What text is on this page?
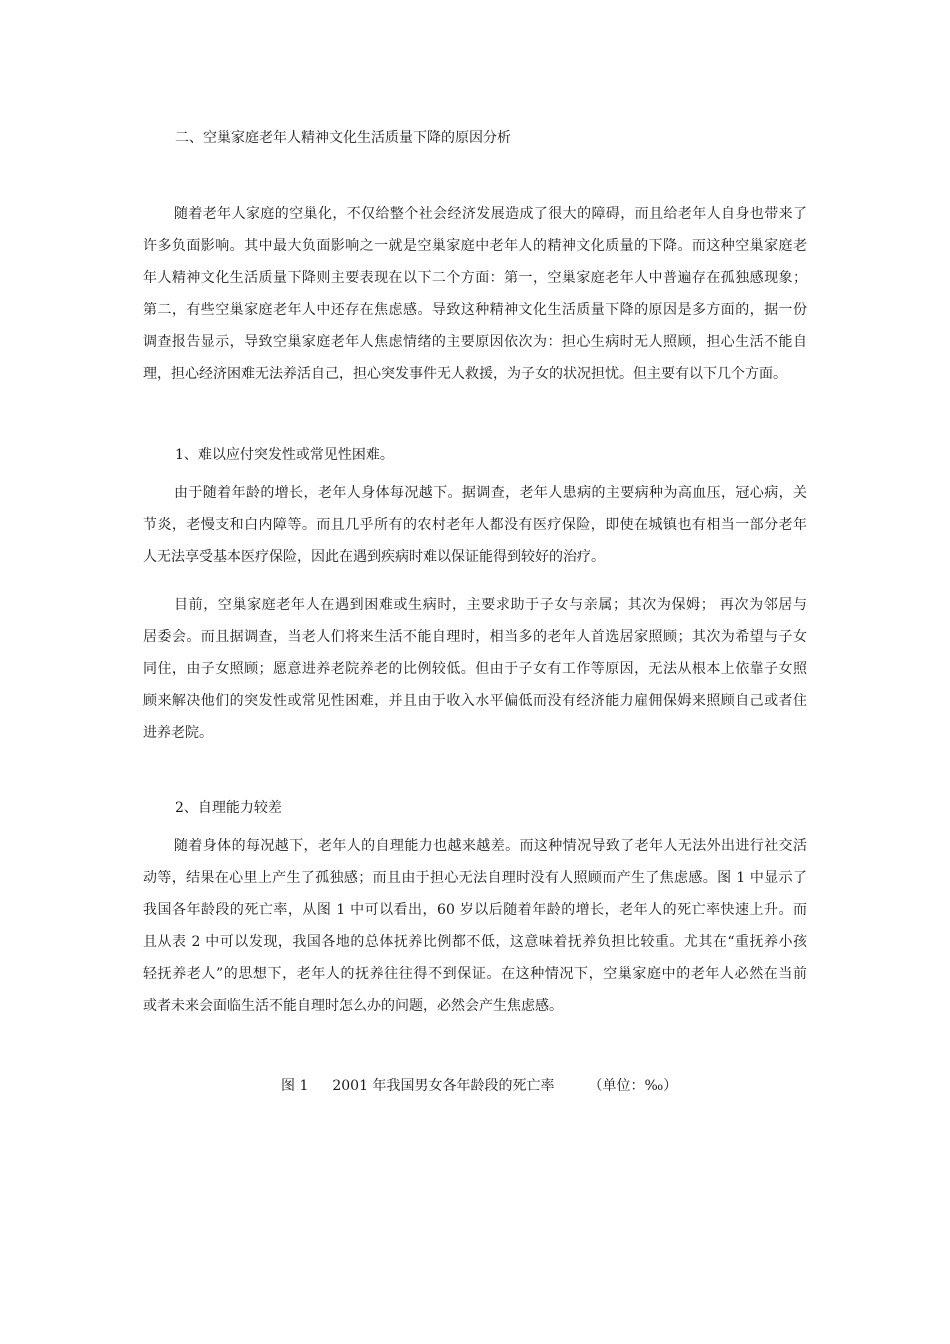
二、空巢家庭老年人精神文化生活质量下降的原因分析
随着老年人家庭的空巢化，不仅给整个社会经济发展造成了很大的障碍，而且给老年人自身也带来了
许多负面影响。其中最大负面影响之一就是空巢家庭中老年人的精神文化质量的下降。而这种空巢家庭老
年人精神文化生活质量下降则主要表现在以下二个方面：第一，空巢家庭老年人中普遍存在孤独感现象；
第二，有些空巢家庭老年人中还存在焦虑感。导致这种精神文化生活质量下降的原因是多方面的，据一份
调查报告显示，导致空巢家庭老年人焦虑情绪的主要原因依次为：担心生病时无人照顾，担心生活不能自
理，担心经济困难无法养活自己，担心突发事件无人救援，为子女的状况担忧。但主要有以下几个方面。
1、难以应付突发性或常见性困难。
由于随着年龄的增长，老年人身体每况越下。据调查，老年人患病的主要病种为高血压，冠心病，关
节炎，老慢支和白内障等。而且几乎所有的农村老年人都没有医疗保险，即使在城镇也有相当一部分老年
人无法享受基本医疗保险，因此在遇到疾病时难以保证能得到较好的治疗。
目前，空巢家庭老年人在遇到困难或生病时，主要求助于子女与亲属；其次为保姆； 再次为邻居与
居委会。而且据调查，当老人们将来生活不能自理时，相当多的老年人首选居家照顾；其次为希望与子女
同住，由子女照顾；愿意进养老院养老的比例较低。但由于子女有工作等原因，无法从根本上依靠子女照
顾来解决他们的突发性或常见性困难，并且由于收入水平偏低而没有经济能力雇佣保姆来照顾自己或者住
进养老院。
2、自理能力较差
随着身体的每况越下，老年人的自理能力也越来越差。而这种情况导致了老年人无法外出进行社交活
动等，结果在心里上产生了孤独感；而且由于担心无法自理时没有人照顾而产生了焦虑感。图 1 中显示了
我国各年龄段的死亡率，从图 1 中可以看出，60 岁以后随着年龄的增长，老年人的死亡率快速上升。而
且从表 2 中可以发现，我国各地的总体抚养比例都不低，这意味着抚养负担比较重。尤其在“重抚养小孩
轻抚养老人”的思想下，老年人的抚养往往得不到保证。在这种情况下，空巢家庭中的老年人必然在当前
或者未来会面临生活不能自理时怎么办的问题，必然会产生焦虑感。
图 1 2001 年我国男女各年龄段的死亡率 （单位：‰）
